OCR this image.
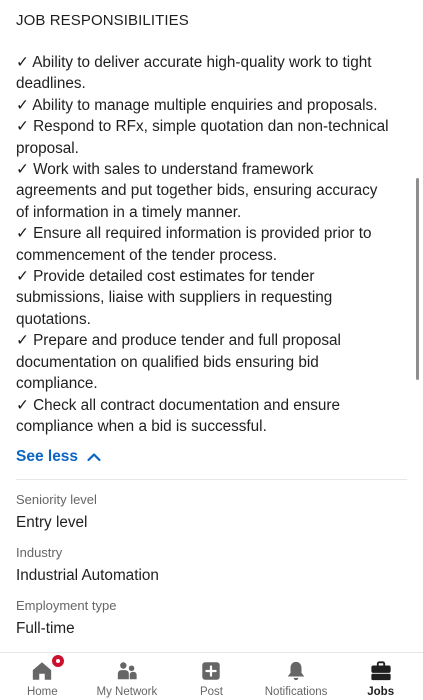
JOB RESPONSIBILITIES
✓ Ability to deliver accurate high-quality work to tight
deadlines.
✓ Ability to manage multiple enquiries and proposals.
✓ Respond to RFx, simple quotation dan non-technical
proposal.
✓ Work with sales to understand framework
agreements and put together bids, ensuring accuracy
of information in a timely manner.
✓ Ensure all required information is provided prior to
commencement of the tender process.
✓ Provide detailed cost estimates for tender
submissions, liaise with suppliers in requesting
quotations.
✓ Prepare and produce tender and full proposal
documentation on qualified bids ensuring bid
compliance.
✓ Check all contract documentation and ensure
compliance when a bid is successful.
See less
Seniority level
Entry level
Industry
Industrial Automation
Employment type
Full-time
Home	My Network	Post	Notifications	Jobs
